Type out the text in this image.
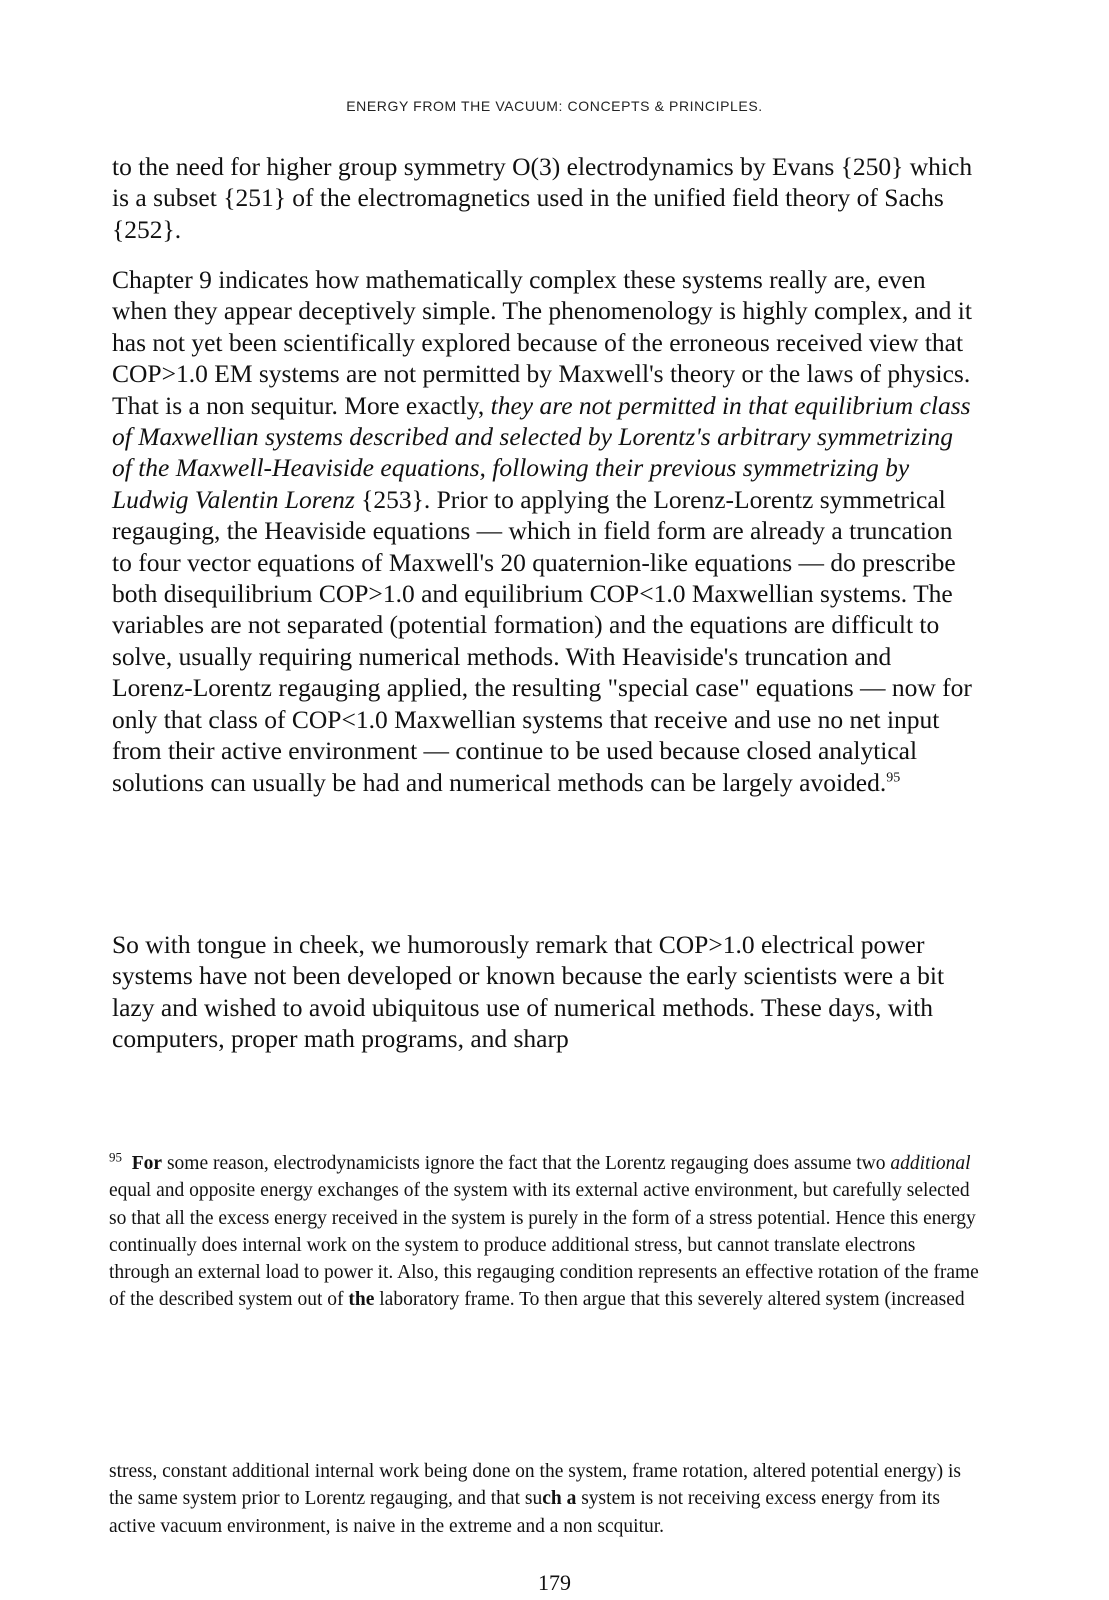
ENERGY FROM THE VACUUM: CONCEPTS & PRINCIPLES.

to the need for higher group symmetry O(3) electrodynamics by Evans {250} which is a subset {251} of the electromagnetics used in the unified field theory of Sachs {252}.

Chapter 9 indicates how mathematically complex these systems really are, even when they appear deceptively simple. The phenomenology is highly complex, and it has not yet been scientifically explored because of the erroneous received view that COP>1.0 EM systems are not permitted by Maxwell's theory or the laws of physics. That is a non sequitur. More exactly, they are not permitted in that equilibrium class of Maxwellian systems described and selected by Lorentz's arbitrary symmetrizing of the Maxwell-Heaviside equations, following their previous symmetrizing by Ludwig Valentin Lorenz {253}. Prior to applying the Lorenz-Lorentz symmetrical regauging, the Heaviside equations — which in field form are already a truncation to four vector equations of Maxwell's 20 quaternion-like equations — do prescribe both disequilibrium COP>1.0 and equilibrium COP<1.0 Maxwellian systems. The variables are not separated (potential formation) and the equations are difficult to solve, usually requiring numerical methods. With Heaviside's truncation and Lorenz-Lorentz regauging applied, the resulting "special case" equations — now for only that class of COP<1.0 Maxwellian systems that receive and use no net input from their active environment — continue to be used because closed analytical solutions can usually be had and numerical methods can be largely avoided.$^{95}$

So with tongue in cheek, we humorously remark that COP>1.0 electrical power systems have not been developed or known because the early scientists were a bit lazy and wished to avoid ubiquitous use of numerical methods. These days, with computers, proper math programs, and sharp

$^{95}$ For some reason, electrodynamicists ignore the fact that the Lorentz regauging does assume two additional equal and opposite energy exchanges of the system with its external active environment, but carefully selected so that all the excess energy received in the system is purely in the form of a stress potential. Hence this energy continually does internal work on the system to produce additional stress, but cannot translate electrons through an external load to power it. Also, this regauging condition represents an effective rotation of the frame of the described system out of the laboratory frame. To then argue that this severely altered system (increased
stress, constant additional internal work being done on the system, frame rotation, altered potential energy) is the same system prior to Lorentz regauging, and that such a system is not receiving excess energy from its active vacuum environment, is naive in the extreme and a non scquitur.
179
